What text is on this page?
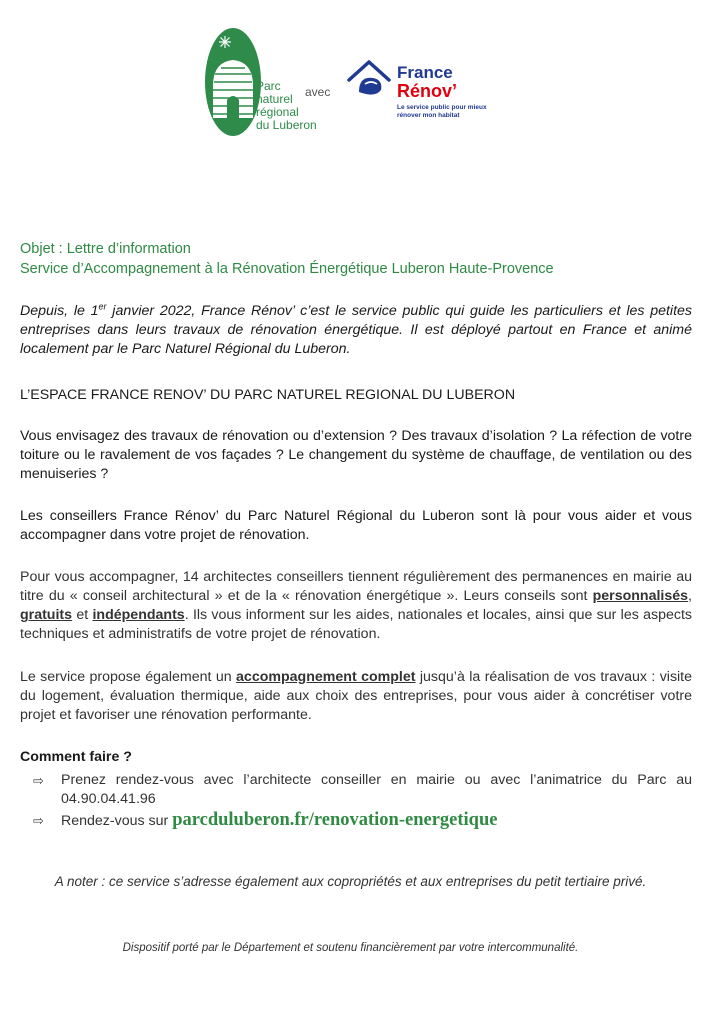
Parc
naturel
régional
du Luberon
avec
France
Rénov’
Le service public pour mieux rénover mon habitat
Objet : Lettre d’information
Service d’Accompagnement à la Rénovation Énergétique Luberon Haute-Provence
Depuis, le 1er janvier 2022, France Rénov’ c’est le service public qui guide les particuliers et les petites entreprises dans leurs travaux de rénovation énergétique. Il est déployé partout en France et animé localement par le Parc Naturel Régional du Luberon.
L’ESPACE FRANCE RENOV’ DU PARC NATUREL REGIONAL DU LUBERON
Vous envisagez des travaux de rénovation ou d’extension ? Des travaux d’isolation ? La réfection de votre toiture ou le ravalement de vos façades ? Le changement du système de chauffage, de ventilation ou des menuiseries ?
Les conseillers France Rénov’ du Parc Naturel Régional du Luberon sont là pour vous aider et vous accompagner dans votre projet de rénovation.
Pour vous accompagner, 14 architectes conseillers tiennent régulièrement des permanences en mairie au titre du « conseil architectural » et de la « rénovation énergétique ». Leurs conseils sont personnalisés, gratuits et indépendants. Ils vous informent sur les aides, nationales et locales, ainsi que sur les aspects techniques et administratifs de votre projet de rénovation.
Le service propose également un accompagnement complet jusqu’à la réalisation de vos travaux : visite du logement, évaluation thermique, aide aux choix des entreprises, pour vous aider à concrétiser votre projet et favoriser une rénovation performante.
Comment faire ?
⇨	Prenez rendez-vous avec l’architecte conseiller en mairie ou avec l’animatrice du Parc au 04.90.04.41.96
⇨	Rendez-vous sur parcduluberon.fr/renovation-energetique
A noter : ce service s’adresse également aux copropriétés et aux entreprises du petit tertiaire privé.
Dispositif porté par le Département et soutenu financièrement par votre intercommunalité.
